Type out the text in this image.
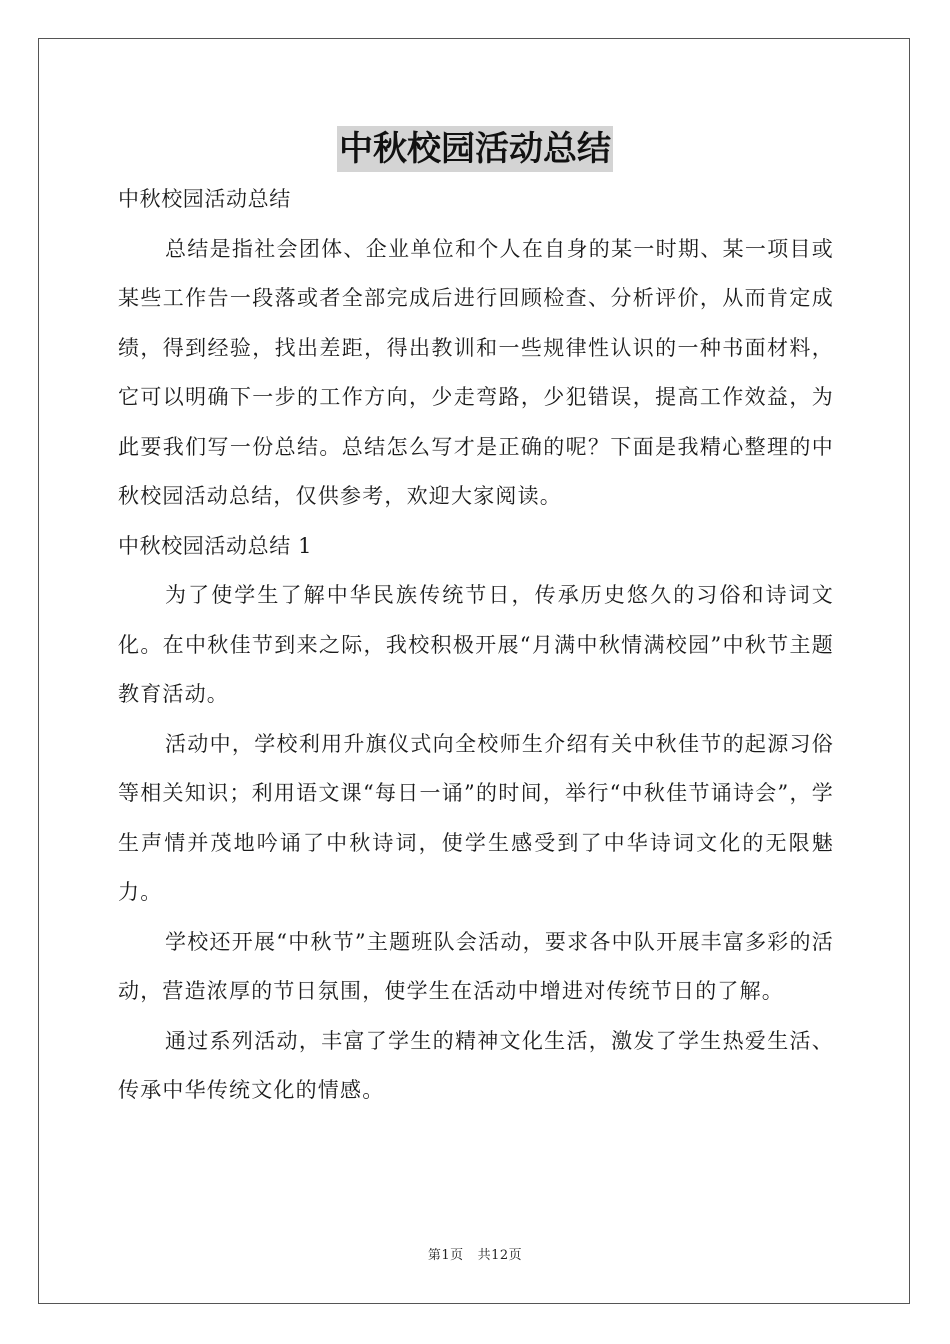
中秋校园活动总结

中秋校园活动总结

总结是指社会团体、企业单位和个人在自身的某一时期、某一项目或某些工作告一段落或者全部完成后进行回顾检查、分析评价，从而肯定成绩，得到经验，找出差距，得出教训和一些规律性认识的一种书面材料，它可以明确下一步的工作方向，少走弯路，少犯错误，提高工作效益，为此要我们写一份总结。总结怎么写才是正确的呢？下面是我精心整理的中秋校园活动总结，仅供参考，欢迎大家阅读。

中秋校园活动总结 1

为了使学生了解中华民族传统节日，传承历史悠久的习俗和诗词文化。在中秋佳节到来之际，我校积极开展“月满中秋情满校园”中秋节主题教育活动。

活动中，学校利用升旗仪式向全校师生介绍有关中秋佳节的起源习俗等相关知识；利用语文课“每日一诵”的时间，举行“中秋佳节诵诗会”，学生声情并茂地吟诵了中秋诗词，使学生感受到了中华诗词文化的无限魅力。

学校还开展“中秋节”主题班队会活动，要求各中队开展丰富多彩的活动，营造浓厚的节日氛围，使学生在活动中增进对传统节日的了解。

通过系列活动，丰富了学生的精神文化生活，激发了学生热爱生活、传承中华传统文化的情感。

第1页 共12页
